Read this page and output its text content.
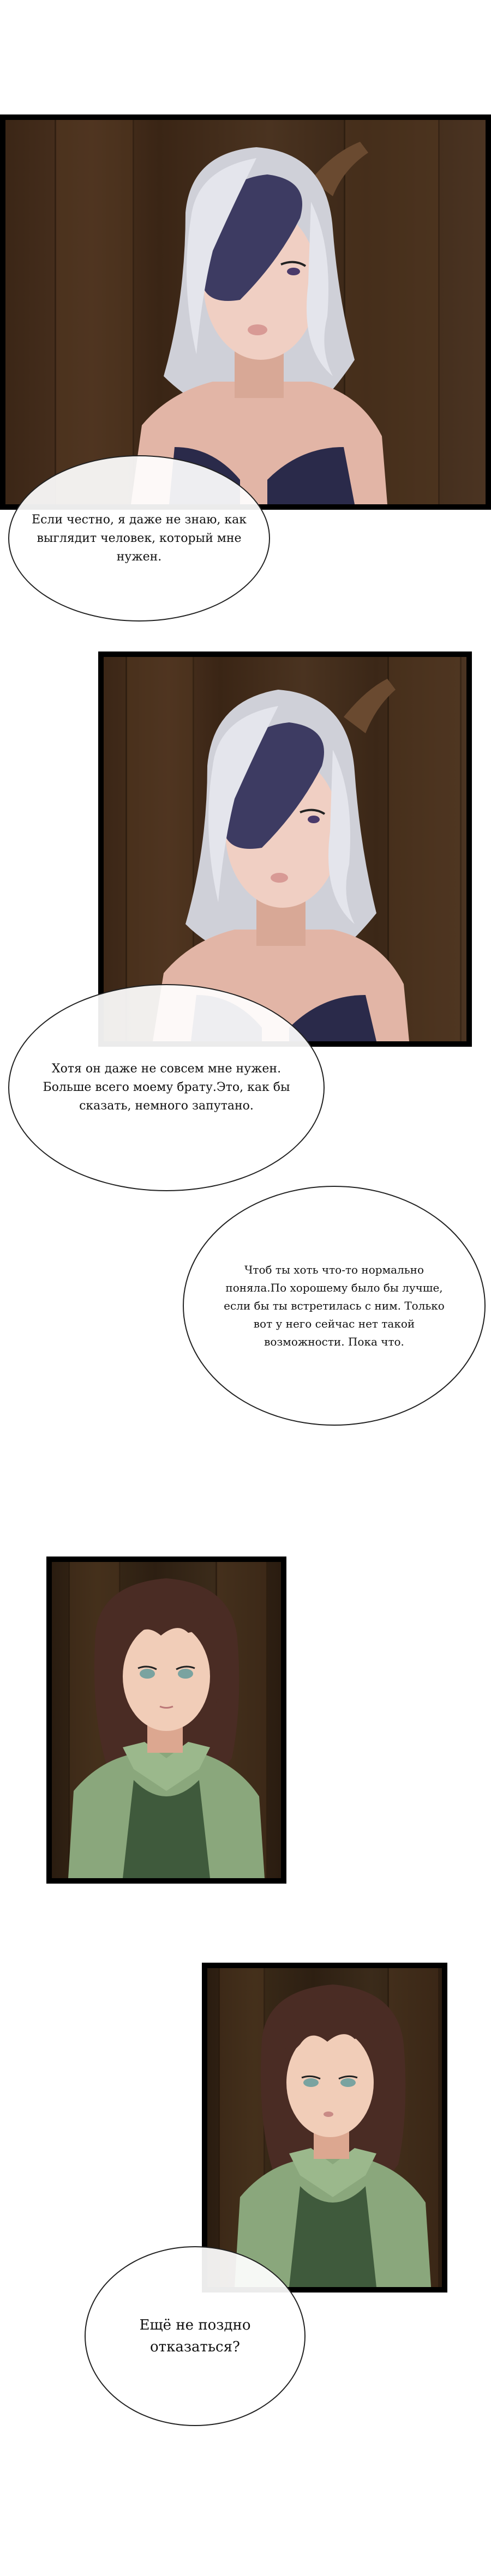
Если честно, я даже не знаю, как выглядит человек, который мне нужен.
Хотя он даже не совсем мне нужен. Больше всего моему брату.Это, как бы сказать, немного запутано.
Чтоб ты хоть что-то нормально поняла.По хорошему было бы лучше, если бы ты встретилась с ним. Только вот у него сейчас нет такой возможности. Пока что.
Ещё не поздно отказаться?
